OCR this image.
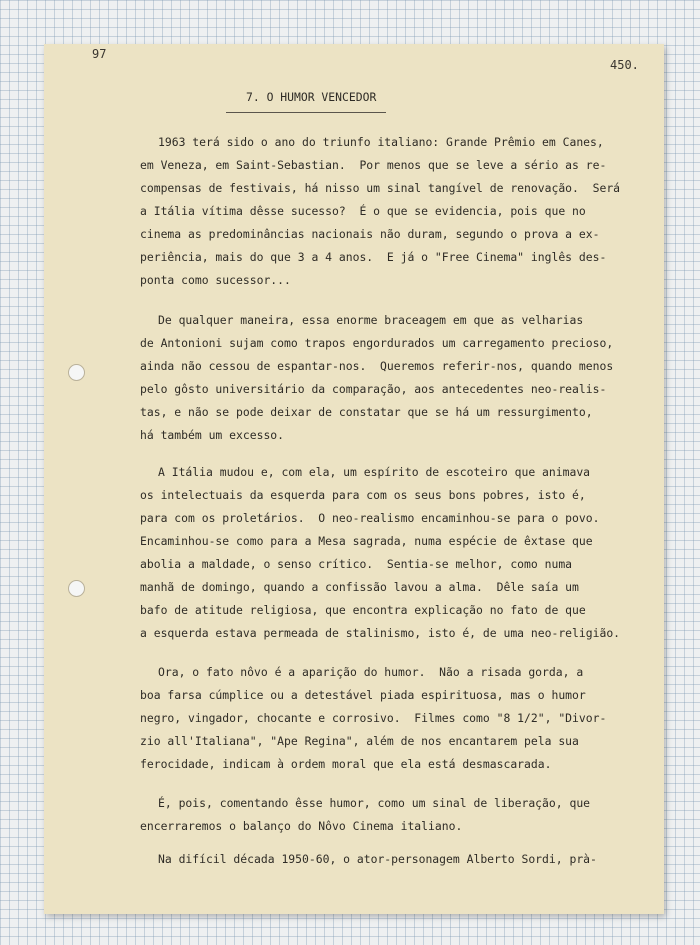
97
450.
7. O HUMOR VENCEDOR
1963 terá sido o ano do triunfo italiano: Grande Prêmio em Canes,
em Veneza, em Saint-Sebastian.  Por menos que se leve a sério as re-
compensas de festivais, há nisso um sinal tangível de renovação.  Será
a Itália vítima dêsse sucesso?  É o que se evidencia, pois que no
cinema as predominâncias nacionais não duram, segundo o prova a ex-
periência, mais do que 3 a 4 anos.  E já o "Free Cinema" inglês des-
ponta como sucessor...
De qualquer maneira, essa enorme braceagem em que as velharias
de Antonioni sujam como trapos engordurados um carregamento precioso,
ainda não cessou de espantar-nos.  Queremos referir-nos, quando menos
pelo gôsto universitário da comparação, aos antecedentes neo-realis-
tas, e não se pode deixar de constatar que se há um ressurgimento,
há também um excesso.
A Itália mudou e, com ela, um espírito de escoteiro que animava
os intelectuais da esquerda para com os seus bons pobres, isto é,
para com os proletários.  O neo-realismo encaminhou-se para o povo.
Encaminhou-se como para a Mesa sagrada, numa espécie de êxtase que
abolia a maldade, o senso crítico.  Sentia-se melhor, como numa
manhã de domingo, quando a confissão lavou a alma.  Dêle saía um
bafo de atitude religiosa, que encontra explicação no fato de que
a esquerda estava permeada de stalinismo, isto é, de uma neo-religião.
Ora, o fato nôvo é a aparição do humor.  Não a risada gorda, a
boa farsa cúmplice ou a detestável piada espirituosa, mas o humor
negro, vingador, chocante e corrosivo.  Filmes como "8 1/2", "Divor-
zio all'Italiana", "Ape Regina", além de nos encantarem pela sua
ferocidade, indicam à ordem moral que ela está desmascarada.
É, pois, comentando êsse humor, como um sinal de liberação, que
encerraremos o balanço do Nôvo Cinema italiano.
Na difícil década 1950-60, o ator-personagem Alberto Sordi, prà-
